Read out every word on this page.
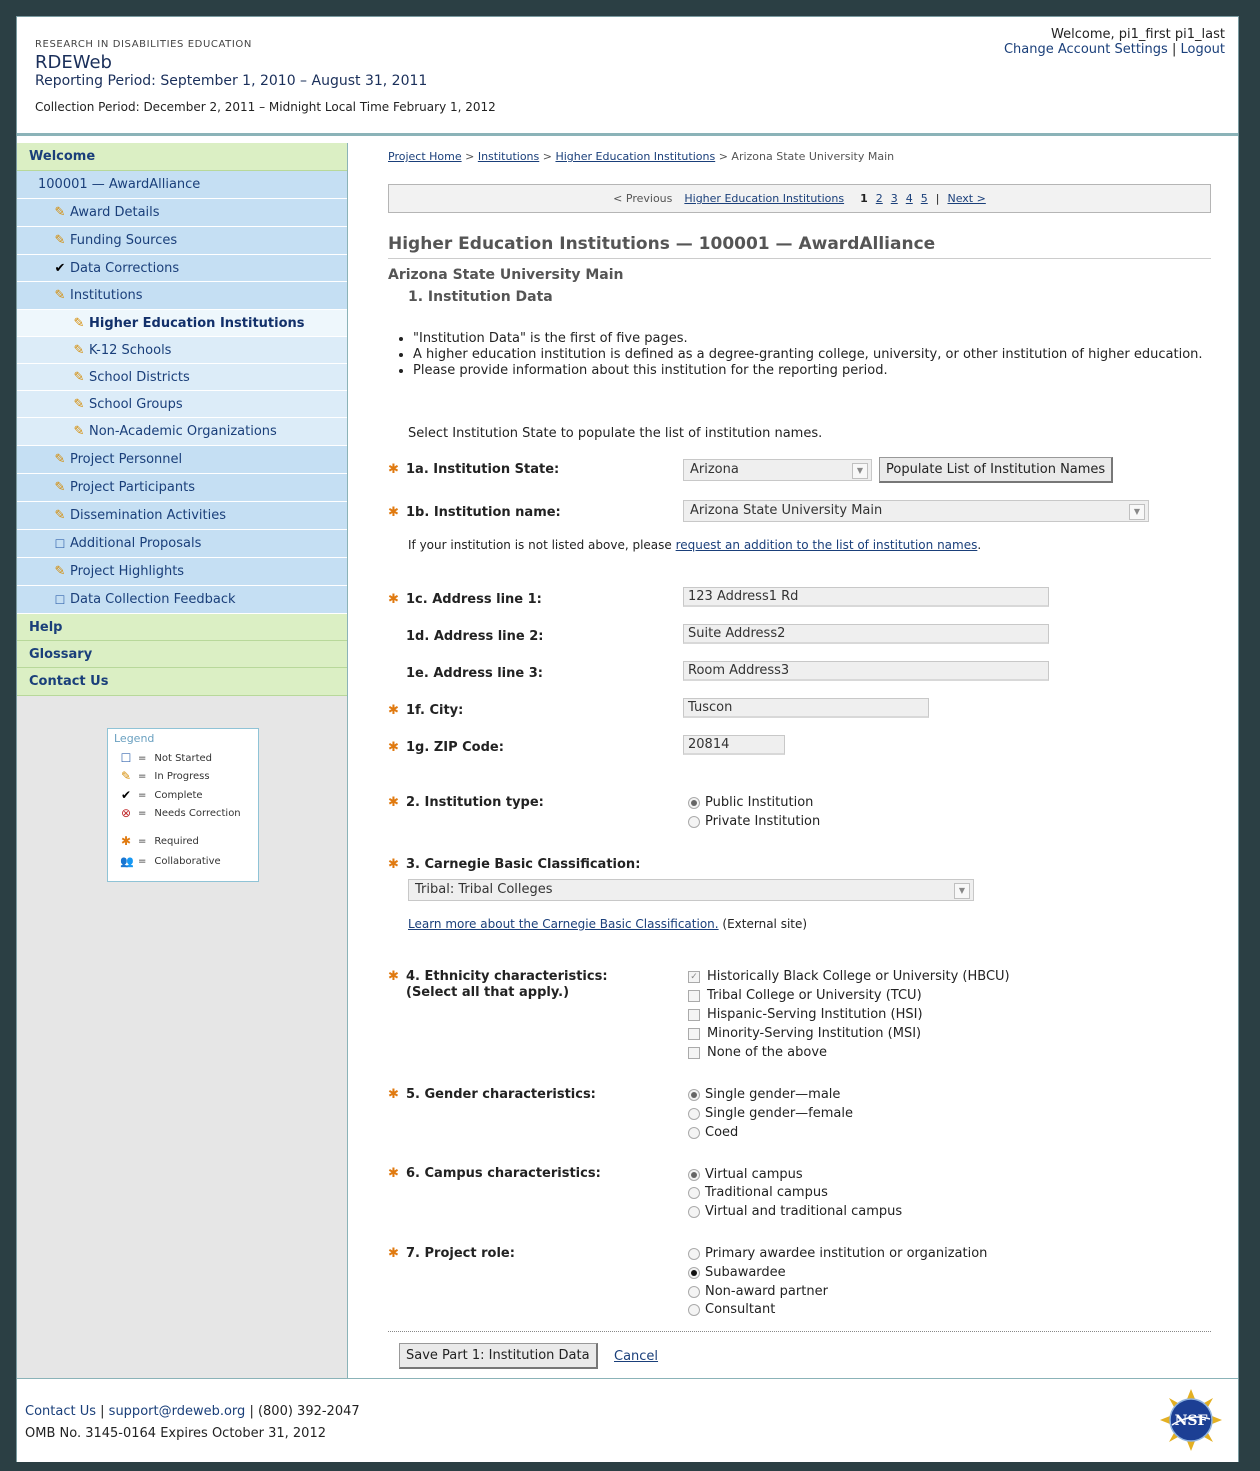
RESEARCH IN DISABILITIES EDUCATION
RDEWeb
Reporting Period: September 1, 2010 – August 31, 2011
Collection Period: December 2, 2011 – Midnight Local Time February 1, 2012
Welcome, pi1_first pi1_last
Change Account Settings | Logout
Welcome
100001 — AwardAlliance
✎ Award Details
✎ Funding Sources
✔ Data Corrections
✎ Institutions
✎ Higher Education Institutions
✎ K-12 Schools
✎ School Districts
✎ School Groups
✎ Non-Academic Organizations
✎ Project Personnel
✎ Project Participants
✎ Dissemination Activities
☐ Additional Proposals
✎ Project Highlights
☐ Data Collection Feedback
Help
Glossary
Contact Us
Legend
☐ = Not Started
✎ = In Progress
✔ = Complete
⊗ = Needs Correction
✱ = Required
👥 = Collaborative
Project Home > Institutions > Higher Education Institutions > Arizona State University Main
< Previous Higher Education Institutions 1 2 3 4 5 | Next >
Higher Education Institutions — 100001 — AwardAlliance
Arizona State University Main
1. Institution Data
• "Institution Data" is the first of five pages.
• A higher education institution is defined as a degree-granting college, university, or other institution of higher education.
• Please provide information about this institution for the reporting period.
Select Institution State to populate the list of institution names.
✱ 1a. Institution State:	Arizona	▼	Populate List of Institution Names
✱ 1b. Institution name:	Arizona State University Main	▼
If your institution is not listed above, please request an addition to the list of institution names.
✱ 1c. Address line 1:	123 Address1 Rd
1d. Address line 2:	Suite Address2
1e. Address line 3:	Room Address3
✱ 1f. City:	Tuscon
✱ 1g. ZIP Code:	20814
✱ 2. Institution type:	Public Institution
Private Institution
✱ 3. Carnegie Basic Classification:
Tribal: Tribal Colleges	▼
Learn more about the Carnegie Basic Classification. (External site)
✱ 4. Ethnicity characteristics:
(Select all that apply.)
✓ Historically Black College or University (HBCU)
Tribal College or University (TCU)
Hispanic-Serving Institution (HSI)
Minority-Serving Institution (MSI)
None of the above
✱ 5. Gender characteristics:	Single gender—male
Single gender—female
Coed
✱ 6. Campus characteristics:	Virtual campus
Traditional campus
Virtual and traditional campus
✱ 7. Project role:	Primary awardee institution or organization
Subawardee
Non-award partner
Consultant
Save Part 1: Institution Data	Cancel
Contact Us | support@rdeweb.org | (800) 392-2047
OMB No. 3145-0164 Expires October 31, 2012
NSF
